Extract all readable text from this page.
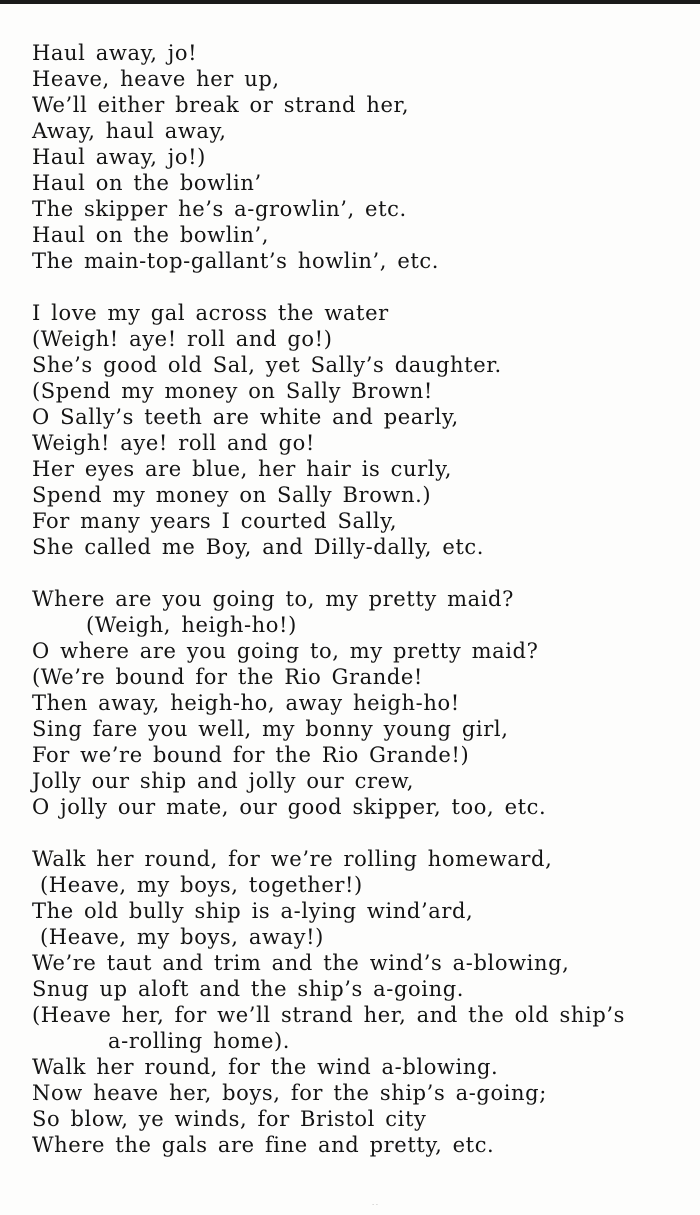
Haul away, jo!
Heave, heave her up,
We’ll either break or strand her,
Away, haul away,
Haul away, jo!)
Haul on the bowlin’
The skipper he’s a-growlin’, etc.
Haul on the bowlin’,
The main-top-gallant’s howlin’, etc.
I love my gal across the water
(Weigh! aye! roll and go!)
She’s good old Sal, yet Sally’s daughter.
(Spend my money on Sally Brown!
O Sally’s teeth are white and pearly,
Weigh! aye! roll and go!
Her eyes are blue, her hair is curly,
Spend my money on Sally Brown.)
For many years I courted Sally,
She called me Boy, and Dilly-dally, etc.
Where are you going to, my pretty maid?
(Weigh, heigh-ho!)
O where are you going to, my pretty maid?
(We’re bound for the Rio Grande!
Then away, heigh-ho, away heigh-ho!
Sing fare you well, my bonny young girl,
For we’re bound for the Rio Grande!)
Jolly our ship and jolly our crew,
O jolly our mate, our good skipper, too, etc.
Walk her round, for we’re rolling homeward,
(Heave, my boys, together!)
The old bully ship is a-lying wind’ard,
(Heave, my boys, away!)
We’re taut and trim and the wind’s a-blowing,
Snug up aloft and the ship’s a-going.
(Heave her, for we’ll strand her, and the old ship’s
a-rolling home).
Walk her round, for the wind a-blowing.
Now heave her, boys, for the ship’s a-going;
So blow, ye winds, for Bristol city
Where the gals are fine and pretty, etc.
· ·
